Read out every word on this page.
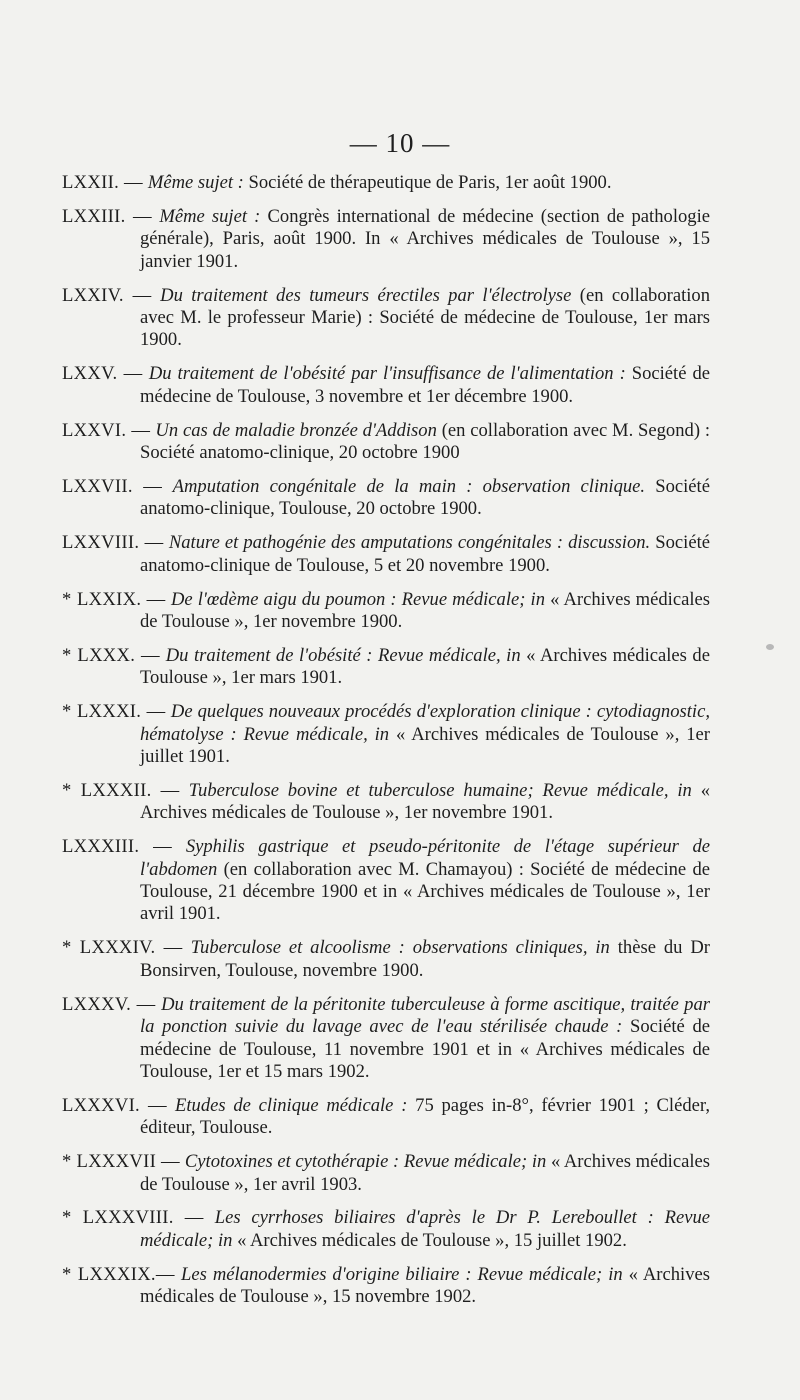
— 10 —

LXXII. — Même sujet : Société de thérapeutique de Paris, 1er août 1900.

LXXIII. — Même sujet : Congrès international de médecine (section de pathologie générale), Paris, août 1900. In « Archives médicales de Toulouse », 15 janvier 1901.

LXXIV. — Du traitement des tumeurs érectiles par l'électrolyse (en collaboration avec M. le professeur Marie) : Société de médecine de Toulouse, 1er mars 1900.

LXXV. — Du traitement de l'obésité par l'insuffisance de l'alimentation : Société de médecine de Toulouse, 3 novembre et 1er décembre 1900.

LXXVI. — Un cas de maladie bronzée d'Addison (en collaboration avec M. Segond) : Société anatomo-clinique, 20 octobre 1900

LXXVII. — Amputation congénitale de la main : observation clinique. Société anatomo-clinique, Toulouse, 20 octobre 1900.

LXXVIII. — Nature et pathogénie des amputations congénitales : discussion. Société anatomo-clinique de Toulouse, 5 et 20 novembre 1900.

* LXXIX. — De l'œdème aigu du poumon : Revue médicale; in « Archives médicales de Toulouse », 1er novembre 1900.

* LXXX. — Du traitement de l'obésité : Revue médicale, in « Archives médicales de Toulouse », 1er mars 1901.

* LXXXI. — De quelques nouveaux procédés d'exploration clinique : cytodiagnostic, hématolyse : Revue médicale, in « Archives médicales de Toulouse », 1er juillet 1901.

* LXXXII. — Tuberculose bovine et tuberculose humaine; Revue médicale, in « Archives médicales de Toulouse », 1er novembre 1901.

LXXXIII. — Syphilis gastrique et pseudo-péritonite de l'étage supérieur de l'abdomen (en collaboration avec M. Chamayou) : Société de médecine de Toulouse, 21 décembre 1900 et in « Archives médicales de Toulouse », 1er avril 1901.

* LXXXIV. — Tuberculose et alcoolisme : observations cliniques, in thèse du Dr Bonsirven, Toulouse, novembre 1900.

LXXXV. — Du traitement de la péritonite tuberculeuse à forme ascitique, traitée par la ponction suivie du lavage avec de l'eau stérilisée chaude : Société de médecine de Toulouse, 11 novembre 1901 et in « Archives médicales de Toulouse, 1er et 15 mars 1902.

LXXXVI. — Etudes de clinique médicale : 75 pages in-8°, février 1901 ; Cléder, éditeur, Toulouse.

* LXXXVII — Cytotoxines et cytothérapie : Revue médicale; in « Archives médicales de Toulouse », 1er avril 1903.

* LXXXVIII. — Les cyrrhoses biliaires d'après le Dr P. Lereboullet : Revue médicale; in « Archives médicales de Toulouse », 15 juillet 1902.

* LXXXIX.— Les mélanodermies d'origine biliaire : Revue médicale; in « Archives médicales de Toulouse », 15 novembre 1902.
